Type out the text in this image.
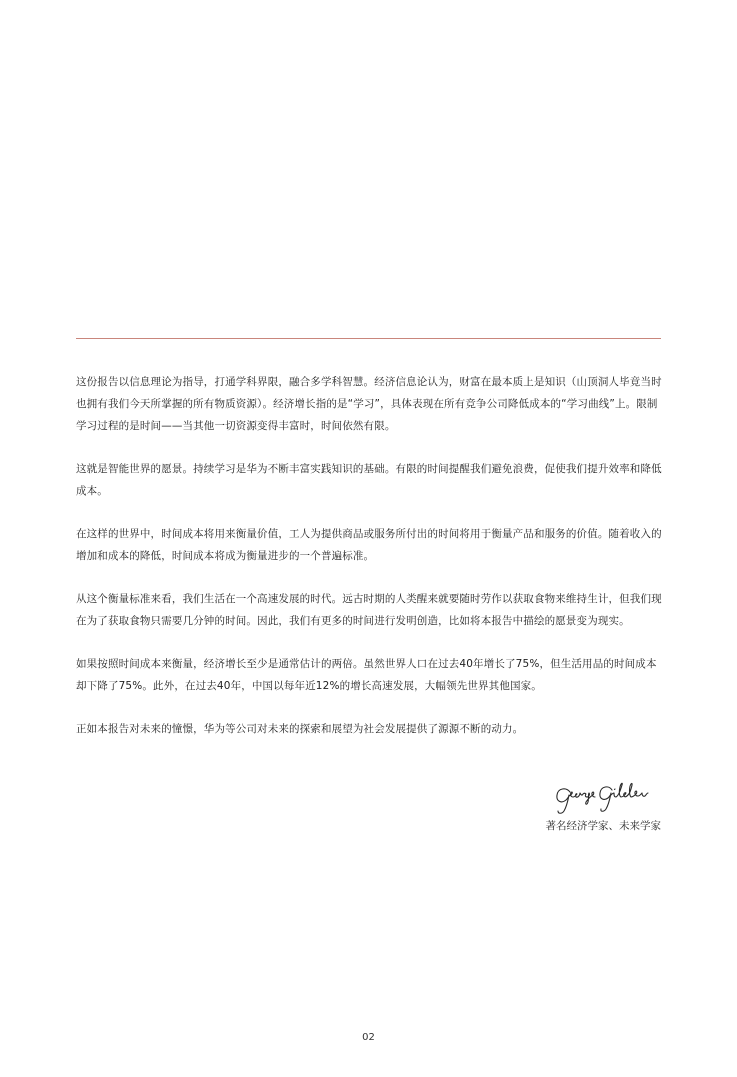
这份报告以信息理论为指导，打通学科界限，融合多学科智慧。经济信息论认为，财富在最本质上是知识（山顶洞人毕竟当时也拥有我们今天所掌握的所有物质资源）。经济增长指的是“学习”，具体表现在所有竞争公司降低成本的“学习曲线”上。限制学习过程的是时间——当其他一切资源变得丰富时，时间依然有限。

这就是智能世界的愿景。持续学习是华为不断丰富实践知识的基础。有限的时间提醒我们避免浪费，促使我们提升效率和降低成本。

在这样的世界中，时间成本将用来衡量价值，工人为提供商品或服务所付出的时间将用于衡量产品和服务的价值。随着收入的增加和成本的降低，时间成本将成为衡量进步的一个普遍标准。

从这个衡量标准来看，我们生活在一个高速发展的时代。远古时期的人类醒来就要随时劳作以获取食物来维持生计，但我们现在为了获取食物只需要几分钟的时间。因此，我们有更多的时间进行发明创造，比如将本报告中描绘的愿景变为现实。

如果按照时间成本来衡量，经济增长至少是通常估计的两倍。虽然世界人口在过去40年增长了75%，但生活用品的时间成本却下降了75%。此外，在过去40年，中国以每年近12%的增长高速发展，大幅领先世界其他国家。

正如本报告对未来的憧憬，华为等公司对未来的探索和展望为社会发展提供了源源不断的动力。

著名经济学家、未来学家
02
